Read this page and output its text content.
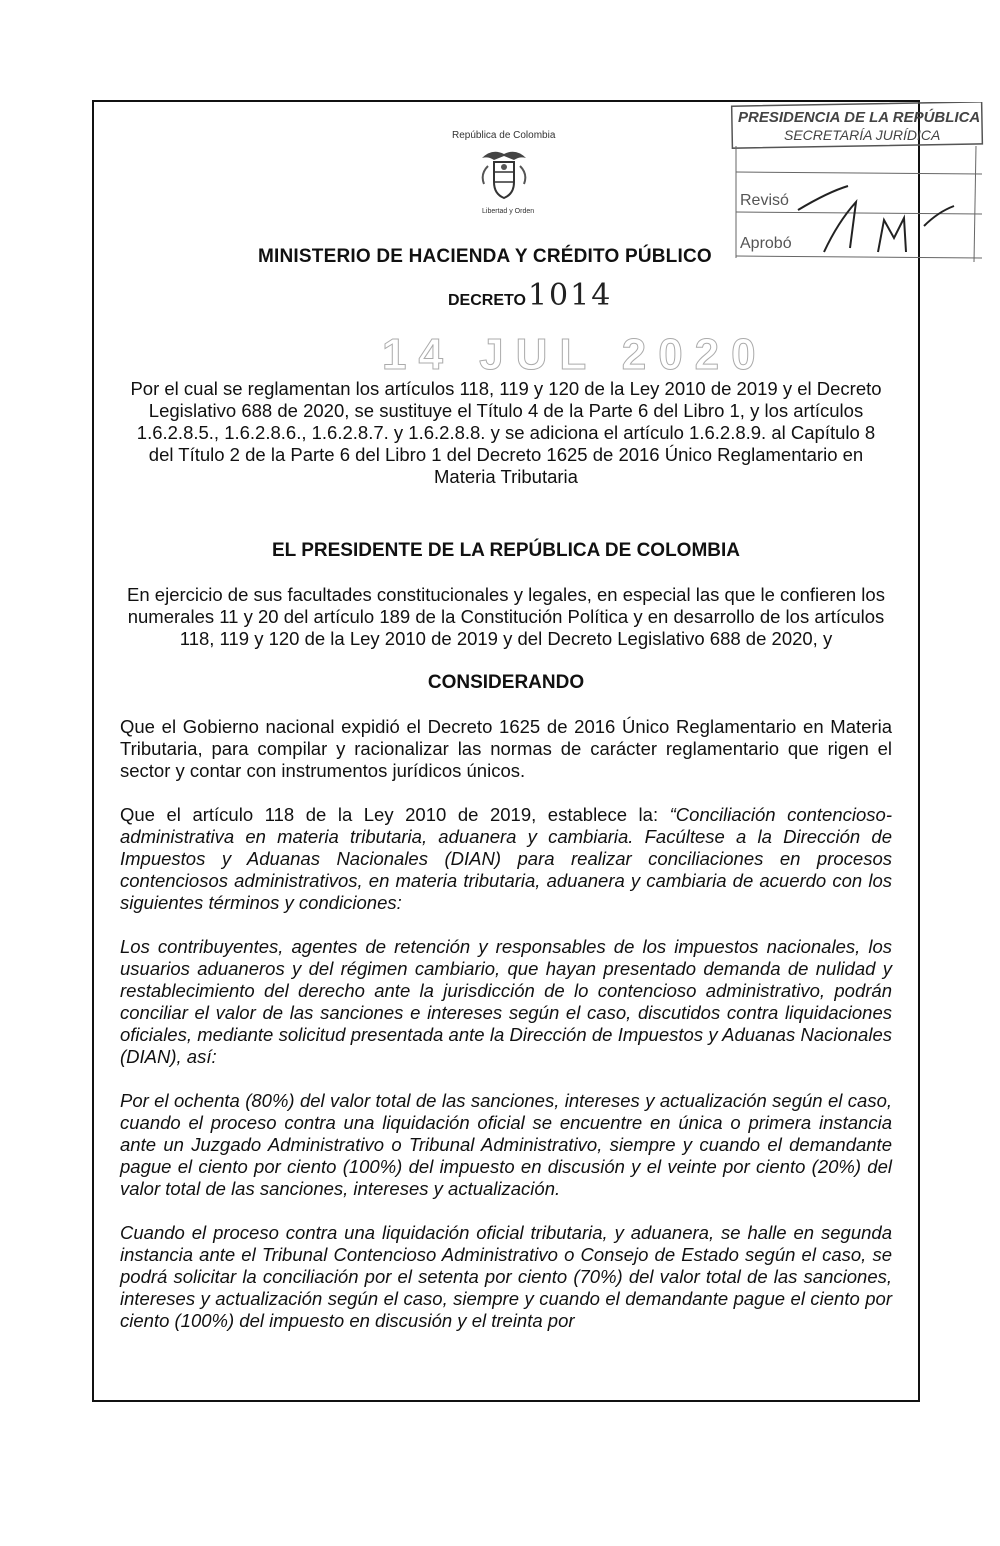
República de Colombia
Libertad y Orden
MINISTERIO DE HACIENDA Y CRÉDITO PÚBLICO
DECRETO1014
14 JUL 2020
PRESIDENCIA DE LA REPÚBLICA
SECRETARÍA JURÍDICA
Revisó
Aprobó

Por el cual se reglamentan los artículos 118, 119 y 120 de la Ley 2010 de 2019 y el Decreto Legislativo 688 de 2020, se sustituye el Título 4 de la Parte 6 del Libro 1, y los artículos 1.6.2.8.5., 1.6.2.8.6., 1.6.2.8.7. y 1.6.2.8.8. y se adiciona el artículo 1.6.2.8.9. al Capítulo 8 del Título 2 de la Parte 6 del Libro 1 del Decreto 1625 de 2016 Único Reglamentario en Materia Tributaria

EL PRESIDENTE DE LA REPÚBLICA DE COLOMBIA

En ejercicio de sus facultades constitucionales y legales, en especial las que le confieren los numerales 11 y 20 del artículo 189 de la Constitución Política y en desarrollo de los artículos 118, 119 y 120 de la Ley 2010 de 2019 y del Decreto Legislativo 688 de 2020, y

CONSIDERANDO

Que el Gobierno nacional expidió el Decreto 1625 de 2016 Único Reglamentario en Materia Tributaria, para compilar y racionalizar las normas de carácter reglamentario que rigen el sector y contar con instrumentos jurídicos únicos.

Que el artículo 118 de la Ley 2010 de 2019, establece la: “Conciliación contencioso-administrativa en materia tributaria, aduanera y cambiaria. Facúltese a la Dirección de Impuestos y Aduanas Nacionales (DIAN) para realizar conciliaciones en procesos contenciosos administrativos, en materia tributaria, aduanera y cambiaria de acuerdo con los siguientes términos y condiciones:

Los contribuyentes, agentes de retención y responsables de los impuestos nacionales, los usuarios aduaneros y del régimen cambiario, que hayan presentado demanda de nulidad y restablecimiento del derecho ante la jurisdicción de lo contencioso administrativo, podrán conciliar el valor de las sanciones e intereses según el caso, discutidos contra liquidaciones oficiales, mediante solicitud presentada ante la Dirección de Impuestos y Aduanas Nacionales (DIAN), así:

Por el ochenta (80%) del valor total de las sanciones, intereses y actualización según el caso, cuando el proceso contra una liquidación oficial se encuentre en única o primera instancia ante un Juzgado Administrativo o Tribunal Administrativo, siempre y cuando el demandante pague el ciento por ciento (100%) del impuesto en discusión y el veinte por ciento (20%) del valor total de las sanciones, intereses y actualización.

Cuando el proceso contra una liquidación oficial tributaria, y aduanera, se halle en segunda instancia ante el Tribunal Contencioso Administrativo o Consejo de Estado según el caso, se podrá solicitar la conciliación por el setenta por ciento (70%) del valor total de las sanciones, intereses y actualización según el caso, siempre y cuando el demandante pague el ciento por ciento (100%) del impuesto en discusión y el treinta por
